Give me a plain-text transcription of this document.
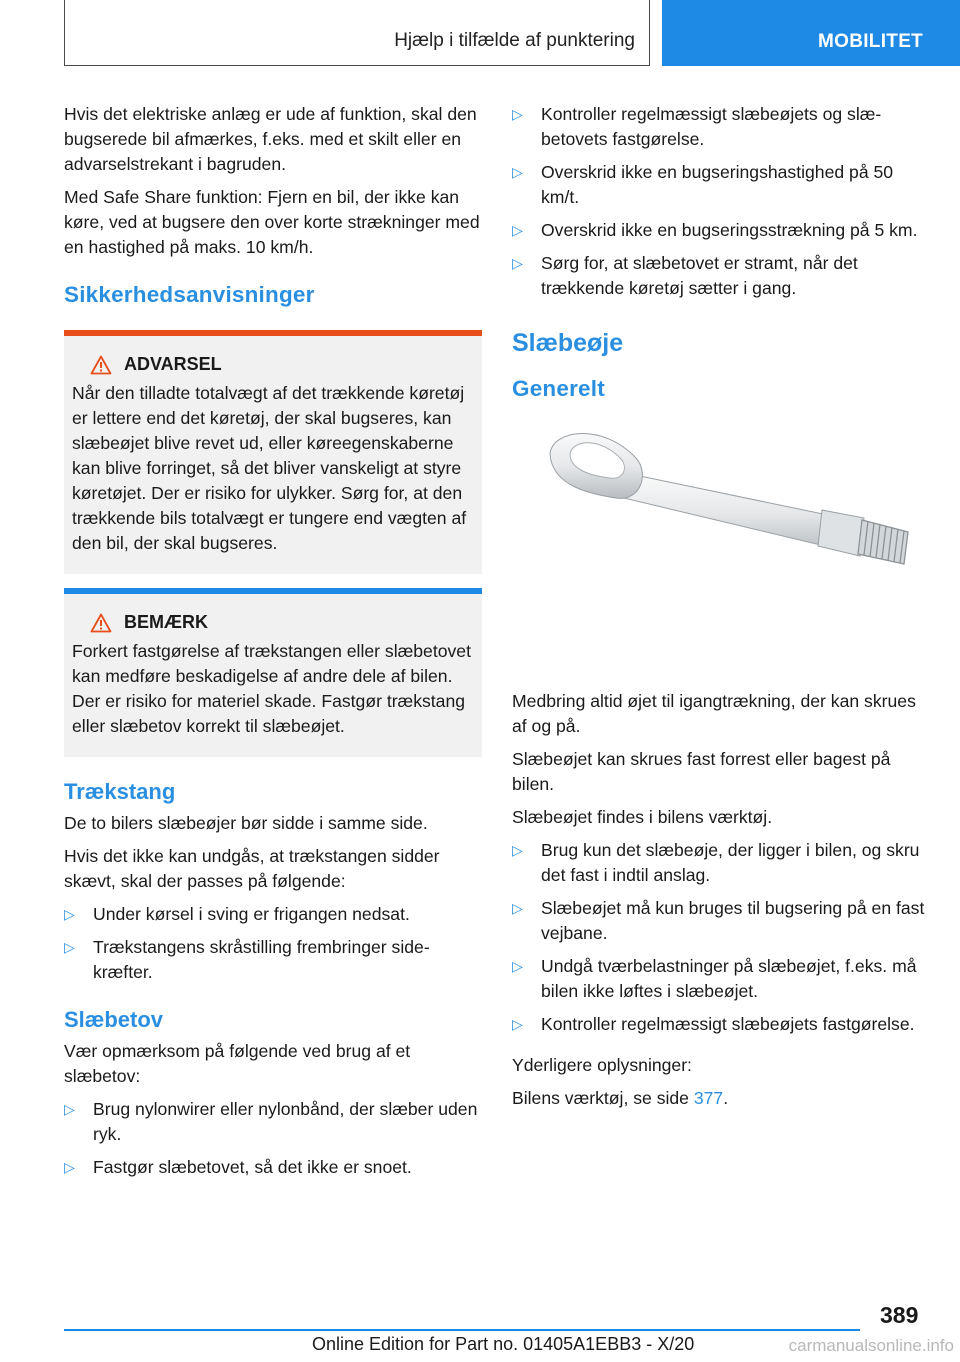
Hjælp i tilfælde af punktering	MOBILITET

Hvis det elektriske anlæg er ude af funktion, skal den bugserede bil afmærkes, f.eks. med et skilt eller en advarselstrekant i bagruden.

Med Safe Share funktion: Fjern en bil, der ikke kan køre, ved at bugsere den over korte strækninger med en hastighed på maks. 10 km/h.

Sikkerhedsanvisninger
ADVARSEL

Når den tilladte totalvægt af det trækkende køretøj er lettere end det køretøj, der skal bugseres, kan slæbeøjet blive revet ud, eller køreegenskaberne kan blive forringet, så det bliver vanskeligt at styre køretøjet. Der er risiko for ulykker. Sørg for, at den trækkende bils totalvægt er tungere end vægten af den bil, der skal bugseres.

BEMÆRK

Forkert fastgørelse af trækstangen eller slæbetovet kan medføre beskadigelse af andre dele af bilen. Der er risiko for materiel skade. Fastgør trækstang eller slæbetov korrekt til slæbeøjet.

Trækstang

De to bilers slæbeøjer bør sidde i samme side.

Hvis det ikke kan undgås, at trækstangen sidder skævt, skal der passes på følgende:

▷	Under kørsel i sving er frigangen nedsat.
▷	Trækstangens skråstilling frembringer sidekræfter.
Slæbetov

Vær opmærksom på følgende ved brug af et slæbetov:

▷	Brug nylonwirer eller nylonbånd, der slæber uden ryk.
▷	Fastgør slæbetovet, så det ikke er snoet.
▷	Kontroller regelmæssigt slæbeøjets og slæbetovets fastgørelse.
▷	Overskrid ikke en bugseringshastighed på 50 km/t.
▷	Overskrid ikke en bugseringsstrækning på 5 km.
▷	Sørg for, at slæbetovet er stramt, når det trækkende køretøj sætter i gang.
Slæbeøje
Generelt

Medbring altid øjet til igangtrækning, der kan skrues af og på.

Slæbeøjet kan skrues fast forrest eller bagest på bilen.

Slæbeøjet findes i bilens værktøj.

▷	Brug kun det slæbeøje, der ligger i bilen, og skru det fast i indtil anslag.
▷	Slæbeøjet må kun bruges til bugsering på en fast vejbane.
▷	Undgå tværbelastninger på slæbeøjet, f.eks. må bilen ikke løftes i slæbeøjet.
▷	Kontroller regelmæssigt slæbeøjets fastgørelse.

Yderligere oplysninger:

Bilens værktøj, se side 377.

389
Online Edition for Part no. 01405A1EBB3 - X/20	carmanualsonline.info
